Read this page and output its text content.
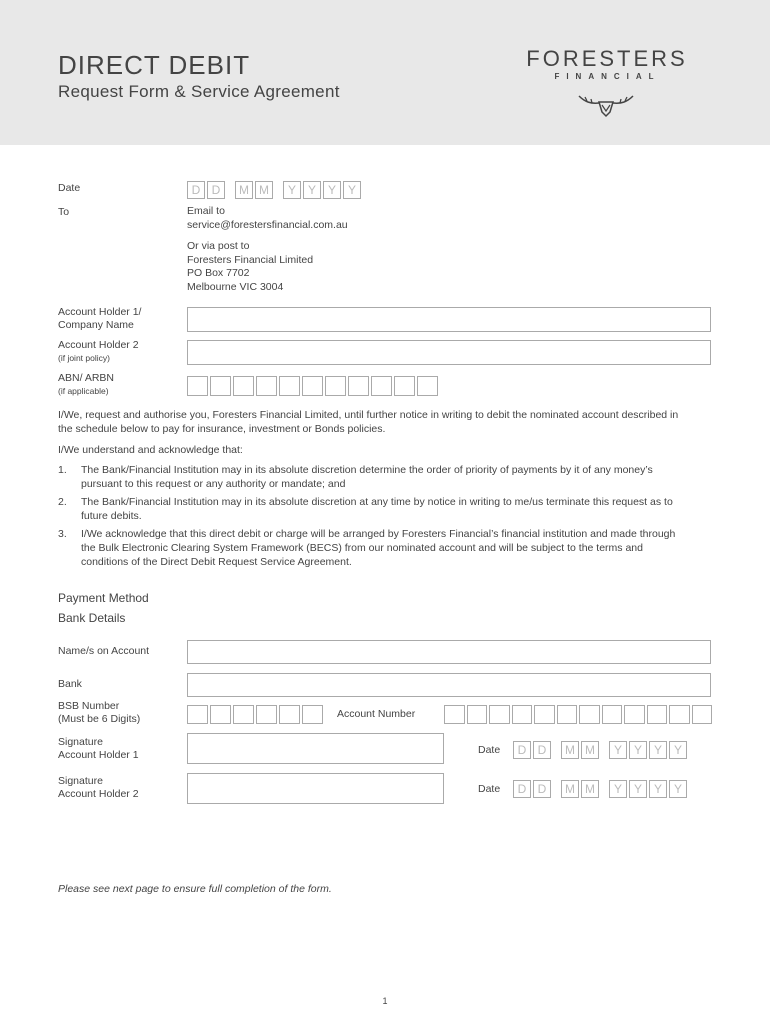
DIRECT DEBIT
Request Form & Service Agreement
FORESTERS
FINANCIAL
Date	D D	M M	Y Y Y Y
To	Email to
service@forestersfinancial.com.au
Or via post to
Foresters Financial Limited
PO Box 7702
Melbourne VIC 3004
Account Holder 1/
Company Name
Account Holder 2
(if joint policy)
ABN/ ARBN
(if applicable)
I/We, request and authorise you, Foresters Financial Limited, until further notice in writing to debit the nominated account described in the schedule below to pay for insurance, investment or Bonds policies.
I/We understand and acknowledge that:
1. The Bank/Financial Institution may in its absolute discretion determine the order of priority of payments by it of any money’s pursuant to this request or any authority or mandate; and
2. The Bank/Financial Institution may in its absolute discretion at any time by notice in writing to me/us terminate this request as to future debits.
3. I/We acknowledge that this direct debit or charge will be arranged by Foresters Financial’s financial institution and made through the Bulk Electronic Clearing System Framework (BECS) from our nominated account and will be subject to the terms and conditions of the Direct Debit Request Service Agreement.
Payment Method
Bank Details
Name/s on Account
Bank
BSB Number
(Must be 6 Digits)	Account Number
Signature
Account Holder 1	Date	D D	M M	Y Y Y Y
Signature
Account Holder 2	Date	D D	M M	Y Y Y Y
Please see next page to ensure full completion of the form.
1
